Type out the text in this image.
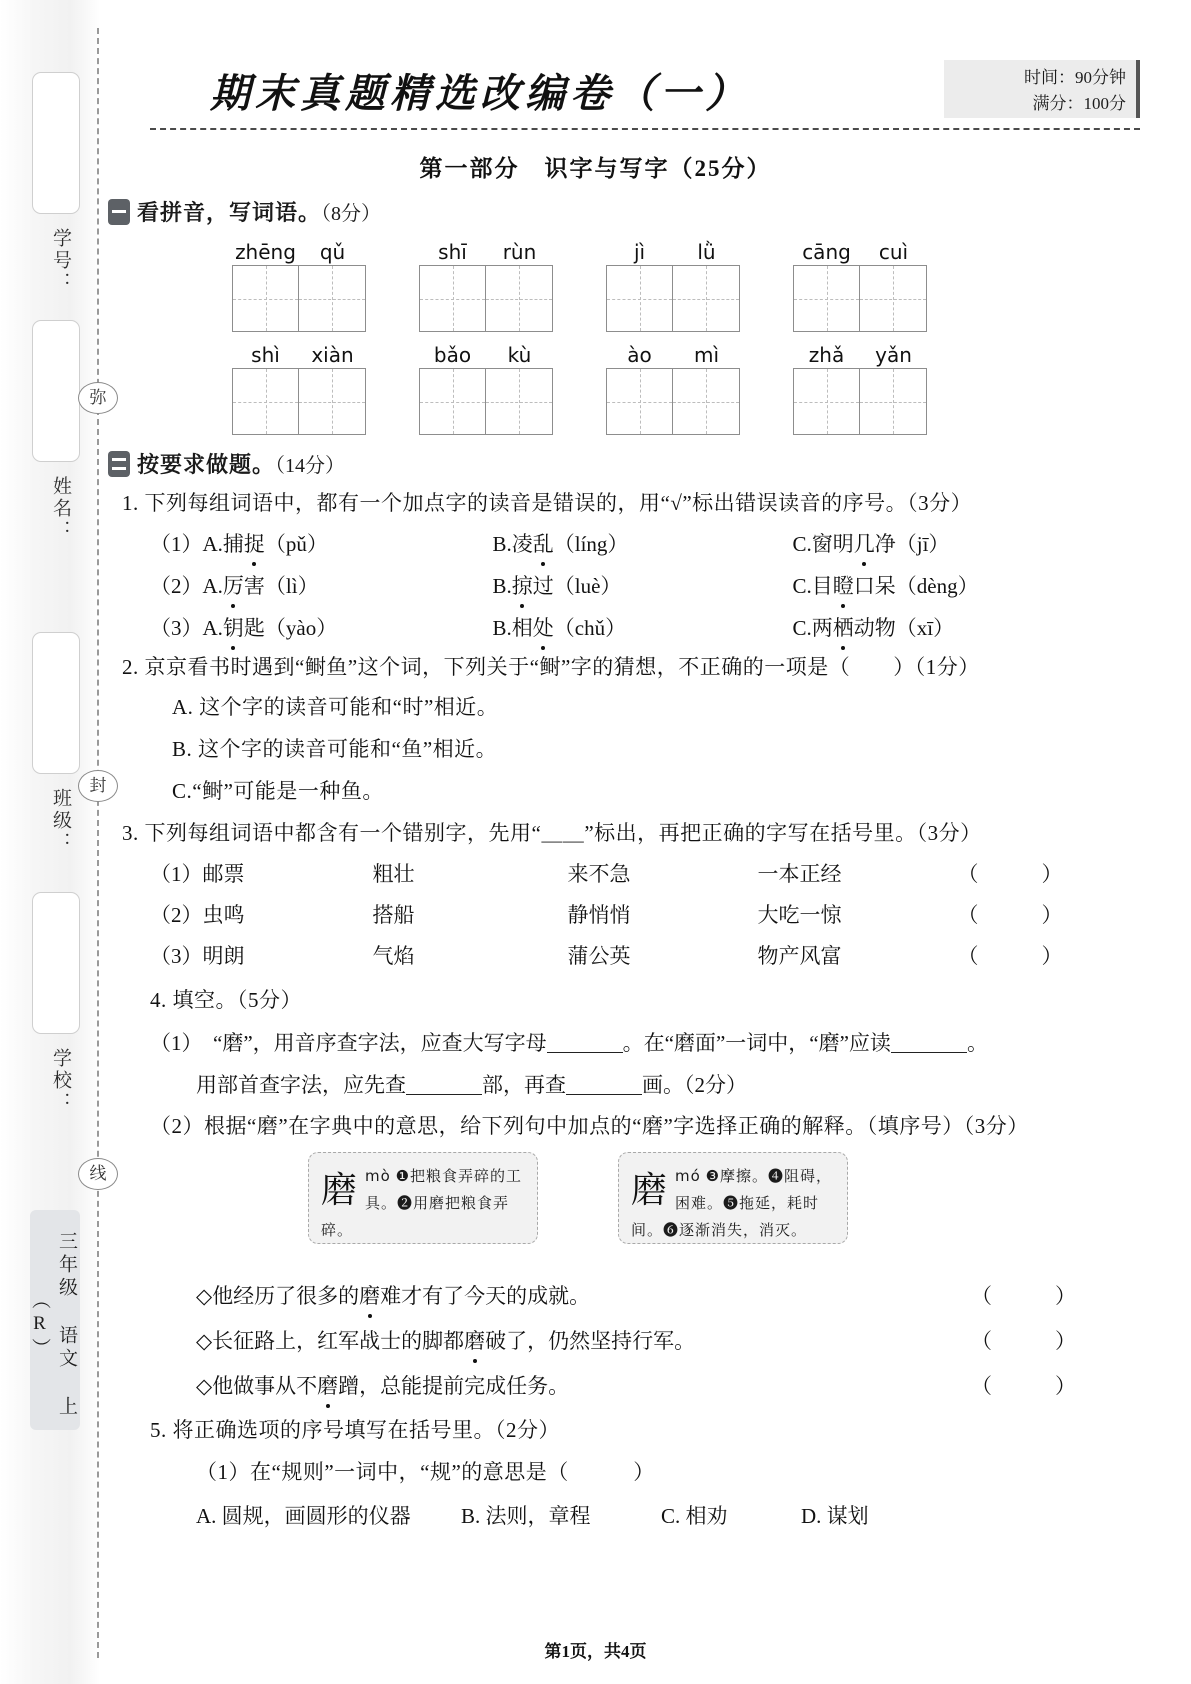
学号：
姓名：
班级：
学校：
弥
封
线
三年级 语文 上（R）
期末真题精选改编卷（一）	时间：90分钟
满分：100分
第一部分　识字与写字（25分）
看拼音，写词语。（8分）
zhēng	qǔ	shī	rùn	jì	lǜ	cāng	cuì
shì	xiàn	bǎo	kù	ào	mì	zhǎ	yǎn
按要求做题。（14分）
1. 下列每组词语中，都有一个加点字的读音是错误的，用“√”标出错误读音的序号。（3分）
（1）A.捕捉（pǔ）	B.凌乱（líng）	C.窗明几净（jī）
（2）A.厉害（lì）	B.掠过（luè）	C.目瞪口呆（dèng）
（3）A.钥匙（yào）	B.相处（chǔ）	C.两栖动物（xī）
2. 京京看书时遇到“鲥鱼”这个词，下列关于“鲥”字的猜想，不正确的一项是（　　）（1分）
A. 这个字的读音可能和“时”相近。
B. 这个字的读音可能和“鱼”相近。
C.“鲥”可能是一种鱼。
3. 下列每组词语中都含有一个错别字，先用“＿＿”标出，再把正确的字写在括号里。（3分）
（1）邮票	粗壮	来不急	一本正经	（　　　）
（2）虫鸣	搭船	静悄悄	大吃一惊	（　　　）
（3）明朗	气焰	蒲公英	物产风富	（　　　）
4. 填空。（5分）
（1）　“磨”，用音序查字法，应查大写字母	。在“磨面”一词中，“磨”应读	。
用部首查字法，应先查	部，再查	画。（2分）
（2）根据“磨”在字典中的意思，给下列句中加点的“磨”字选择正确的解释。（填序号）（3分）
磨 mò ❶把粮食弄碎的工具。❷用磨把粮食弄碎。
磨 mó ❸摩擦。❹阻碍，困难。❺拖延，耗时间。❻逐渐消失，消灭。
◇他经历了很多的磨难才有了今天的成就。	（　　　）
◇长征路上，红军战士的脚都磨破了，仍然坚持行军。	（　　　）
◇他做事从不磨蹭，总能提前完成任务。	（　　　）
5. 将正确选项的序号填写在括号里。（2分）
（1）在“规则”一词中，“规”的意思是（　　　）
A. 圆规，画圆形的仪器 B. 法则，章程	C. 相劝	D. 谋划
第1页，共4页
